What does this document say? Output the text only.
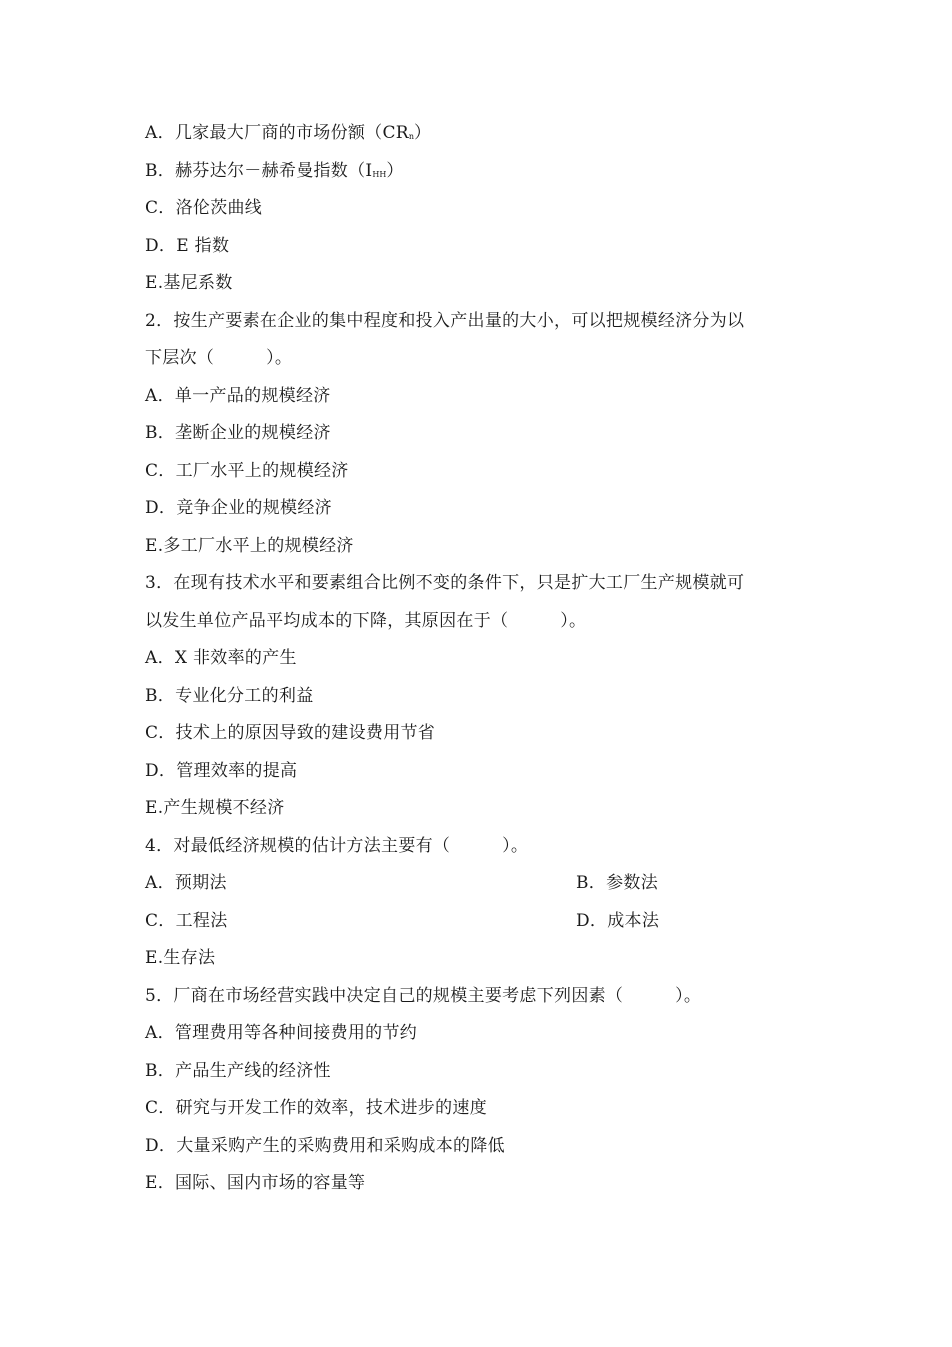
A．几家最大厂商的市场份额（CRn）
B．赫芬达尔－赫希曼指数（IHH）
C．洛伦茨曲线
D．E 指数
E.基尼系数
2．按生产要素在企业的集中程度和投入产出量的大小，可以把规模经济分为以
下层次（　　　）。
A．单一产品的规模经济
B．垄断企业的规模经济
C．工厂水平上的规模经济
D．竞争企业的规模经济
E.多工厂水平上的规模经济
3．在现有技术水平和要素组合比例不变的条件下，只是扩大工厂生产规模就可
以发生单位产品平均成本的下降，其原因在于（　　　）。
A．X 非效率的产生
B．专业化分工的利益
C．技术上的原因导致的建设费用节省
D．管理效率的提高
E.产生规模不经济
4．对最低经济规模的估计方法主要有（　　　）。
A．预期法	B．参数法
C．工程法	D．成本法
E.生存法
5．厂商在市场经营实践中决定自己的规模主要考虑下列因素（　　　）。
A．管理费用等各种间接费用的节约
B．产品生产线的经济性
C．研究与开发工作的效率，技术进步的速度
D．大量采购产生的采购费用和采购成本的降低
E．国际、国内市场的容量等
